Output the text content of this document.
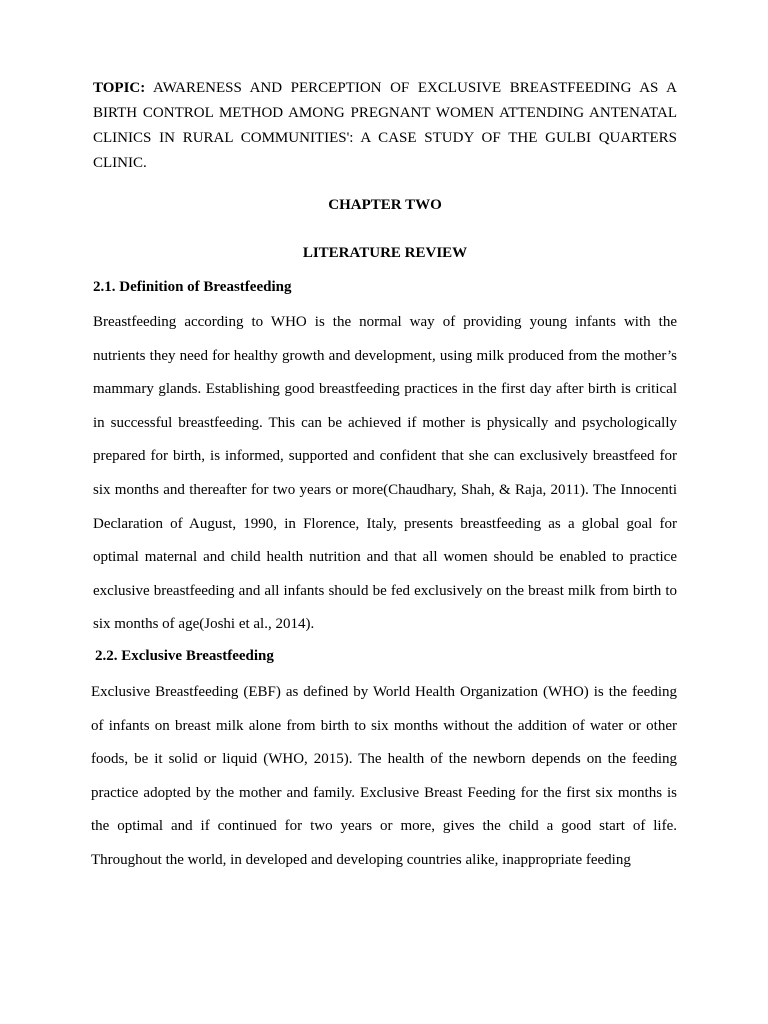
TOPIC: AWARENESS AND PERCEPTION OF EXCLUSIVE BREASTFEEDING AS A BIRTH CONTROL METHOD AMONG PREGNANT WOMEN ATTENDING ANTENATAL CLINICS IN RURAL COMMUNITIES': A CASE STUDY OF THE GULBI QUARTERS CLINIC.
CHAPTER TWO
LITERATURE REVIEW
2.1. Definition of Breastfeeding
Breastfeeding according to WHO is the normal way of providing young infants with the nutrients they need for healthy growth and development, using milk produced from the mother’s mammary glands. Establishing good breastfeeding practices in the first day after birth is critical in successful breastfeeding. This can be achieved if mother is physically and psychologically prepared for birth, is informed, supported and confident that she can exclusively breastfeed for six months and thereafter for two years or more(Chaudhary, Shah, & Raja, 2011). The Innocenti Declaration of August, 1990, in Florence, Italy, presents breastfeeding as a global goal for optimal maternal and child health nutrition and that all women should be enabled to practice exclusive breastfeeding and all infants should be fed exclusively on the breast milk from birth to six months of age(Joshi et al., 2014).
2.2. Exclusive Breastfeeding
Exclusive Breastfeeding (EBF) as defined by World Health Organization (WHO) is the feeding of infants on breast milk alone from birth to six months without the addition of water or other foods, be it solid or liquid (WHO, 2015). The health of the newborn depends on the feeding practice adopted by the mother and family. Exclusive Breast Feeding for the first six months is the optimal and if continued for two years or more, gives the child a good start of life. Throughout the world, in developed and developing countries alike, inappropriate feeding
